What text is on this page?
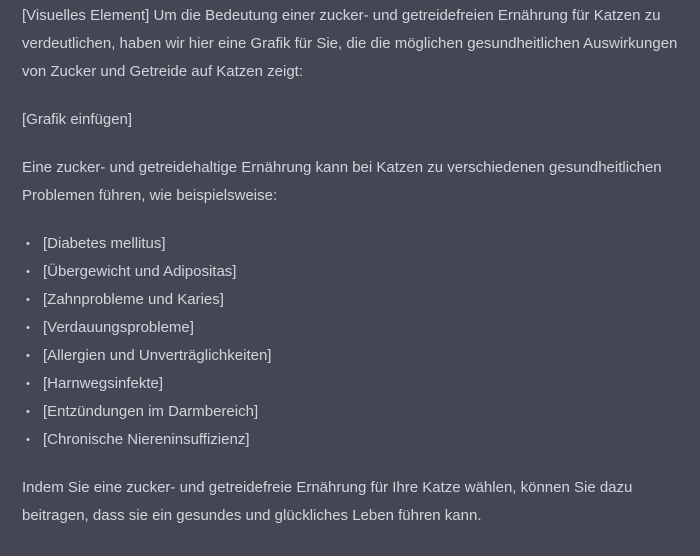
[Visuelles Element] Um die Bedeutung einer zucker- und getreidefreien Ernährung für Katzen zu verdeutlichen, haben wir hier eine Grafik für Sie, die die möglichen gesundheitlichen Auswirkungen von Zucker und Getreide auf Katzen zeigt:

[Grafik einfügen]

Eine zucker- und getreidehaltige Ernährung kann bei Katzen zu verschiedenen gesundheitlichen Problemen führen, wie beispielsweise:

• [Diabetes mellitus]
• [Übergewicht und Adipositas]
• [Zahnprobleme und Karies]
• [Verdauungsprobleme]
• [Allergien und Unverträglichkeiten]
• [Harnwegsinfekte]
• [Entzündungen im Darmbereich]
• [Chronische Niereninsuffizienz]

Indem Sie eine zucker- und getreidefreie Ernährung für Ihre Katze wählen, können Sie dazu beitragen, dass sie ein gesundes und glückliches Leben führen kann.
